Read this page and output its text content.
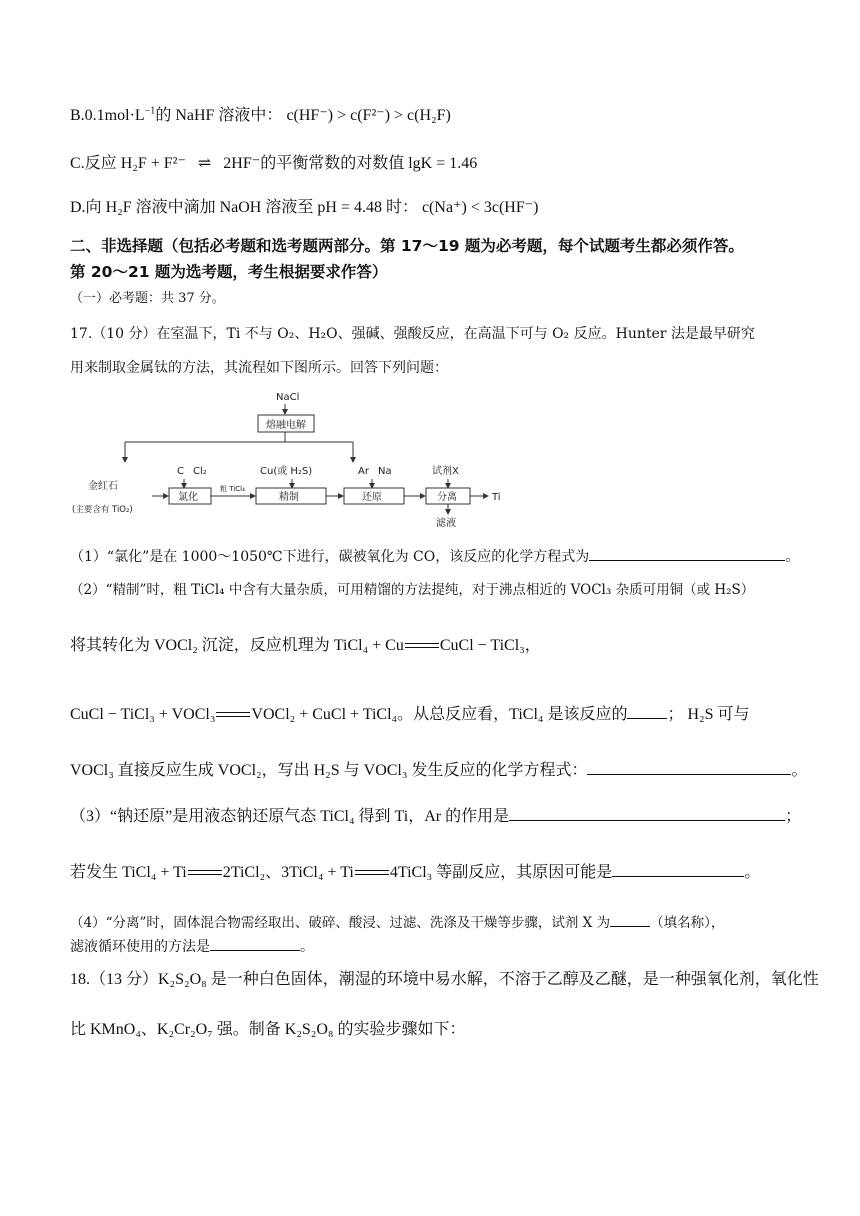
$B.0.1mol\cdot L^{-1}$的 NaHF 溶液中： c(HF⁻) > c(F²⁻) > c(H₂F)
C.反应 H₂F + F²⁻ ⇌ 2HF⁻的平衡常数的对数值 lgK = 1.46
D.向 H₂F 溶液中滴加 NaOH 溶液至 pH = 4.48 时： c(Na⁺) < 3c(HF⁻)
二、非选择题（包括必考题和选考题两部分。第 17～19 题为必考题，每个试题考生都必须作答。
第 20～21 题为选考题，考生根据要求作答）
（一）必考题：共 37 分。
17.（10 分）在室温下，Ti 不与 O₂、H₂O、强碱、强酸反应，在高温下可与 O₂ 反应。Hunter 法是最早研究
用来制取金属钛的方法，其流程如下图所示。回答下列问题：
NaCl
熔融电解
C Cl₂	Cu(或 H₂S)	Ar Na	试剂X
金红石
(主要含有 TiO₂)
氯化
粗 TiCl₄
精制	还原	分离	Ti
滤液
（1）“氯化”是在 1000～1050℃下进行，碳被氧化为 CO，该反应的化学方程式为	。
（2）“精制”时，粗 TiCl₄ 中含有大量杂质，可用精馏的方法提纯，对于沸点相近的 VOCl₃ 杂质可用铜（或 H₂S）
将其转化为 VOCl₂ 沉淀，反应机理为 TiCl₄ + Cu CuCl − TiCl₃，
CuCl − TiCl₃ + VOCl₃ VOCl₂ + CuCl + TiCl₄。从总反应看，TiCl₄ 是该反应的	； H₂S 可与
VOCl₃ 直接反应生成 VOCl₂，写出 H₂S 与 VOCl₃ 发生反应的化学方程式：	。
（3）“钠还原”是用液态钠还原气态 TiCl₄ 得到 Ti，Ar 的作用是	；
若发生 TiCl₄ + Ti 2TiCl₂、3TiCl₄ + Ti 4TiCl₃ 等副反应，其原因可能是	。
（4）“分离”时，固体混合物需经取出、破碎、酸浸、过滤、洗涤及干燥等步骤，试剂 X 为	（填名称），
滤液循环使用的方法是	。
18.（13 分）K₂S₂O₈ 是一种白色固体，潮湿的环境中易水解，不溶于乙醇及乙醚，是一种强氧化剂，氧化性
比 KMnO₄、K₂Cr₂O₇ 强。制备 K₂S₂O₈ 的实验步骤如下：
